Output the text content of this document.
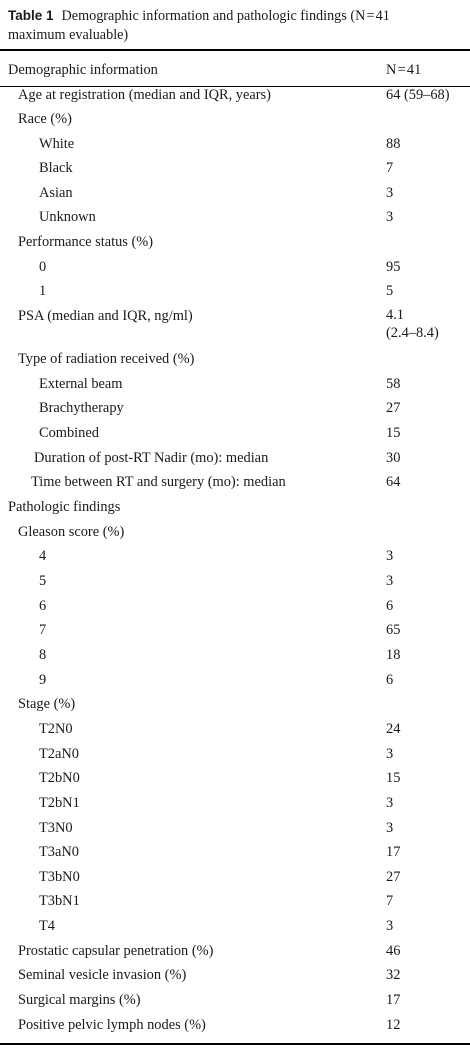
Table 1 Demographic information and pathologic findings (N = 41
maximum evaluable)
Demographic information	N = 41
Age at registration (median and IQR, years)	64 (59–68)
Race (%)
White	88
Black	7
Asian	3
Unknown	3
Performance status (%)
0	95
1	5
PSA (median and IQR, ng/ml)	4.1
(2.4–8.4)
Type of radiation received (%)
External beam	58
Brachytherapy	27
Combined	15
Duration of post-RT Nadir (mo): median	30
Time between RT and surgery (mo): median	64
Pathologic findings
Gleason score (%)
4	3
5	3
6	6
7	65
8	18
9	6
Stage (%)
T2N0	24
T2aN0	3
T2bN0	15
T2bN1	3
T3N0	3
T3aN0	17
T3bN0	27
T3bN1	7
T4	3
Prostatic capsular penetration (%)	46
Seminal vesicle invasion (%)	32
Surgical margins (%)	17
Positive pelvic lymph nodes (%)	12
